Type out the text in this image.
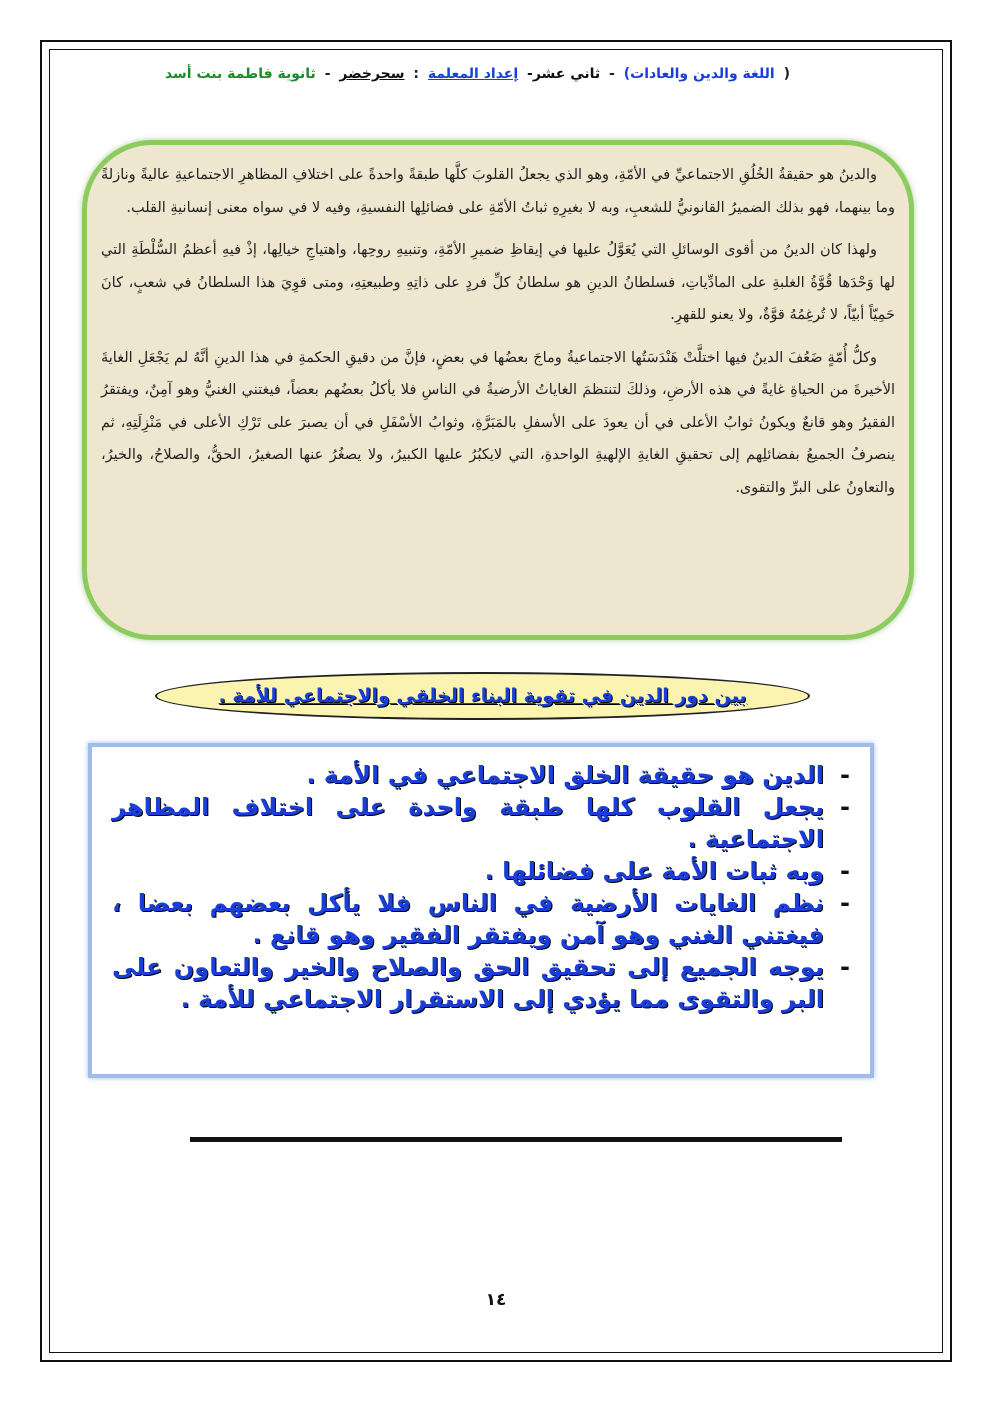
( اللغة والدين والعادات) - ثاني عشر- إعداد المعلمة : سحرخضر - ثانوية فاطمة بنت أسد

والدينُ هو حقيقةُ الخُلُقِ الاجتماعيِّ في الأمّةِ، وهو الذي يجعلُ القلوبَ كلَّها طبقةً واحدةً على اختلافِ المظاهرِ الاجتماعيةِ عاليةً ونازلةً وما بينهما، فهو بذلك الضميرُ القانونيُّ للشعبِ، وبه لا بغيرِهِ ثباتُ الأمّةِ على فضائلِها النفسيةِ، وفيه لا في سواه معنى إنسانيةِ القلب.

ولهذا كان الدينُ من أقوى الوسائلِ التي يُعَوَّلُ عليها في إيقاظِ ضميرِ الأمّةِ، وتنبيهِ روحِها، واهتياجِ خيالِها، إذْ فيهِ أعظمُ السُّلْطَةِ التي لها وَحْدَها قُوَّةُ الغلبةِ على المادِّياتِ، فسلطانُ الدينِ هو سلطانُ كلِّ فردٍ على ذاتِهِ وطبيعتِهِ، ومتى قوِيَ هذا السلطانُ في شعبٍ، كانَ حَمِيّاً أبيّاً، لا تُرغِمُهُ قوَّةٌ، ولا يعنو للقهرِ.

وكلُّ أُمّةٍ ضَعُفَ الدينُ فيها اختلَّتْ هَنْدَسَتُها الاجتماعيةُ وماجَ بعضُها في بعضٍ، فإنَّ من دقيقِ الحكمةِ في هذا الدينِ أنَّهُ لم يَجْعَلِ الغايةَ الأخيرةَ من الحياةِ غايةً في هذه الأرضِ، وذلكَ لتنتظمَ الغاياتُ الأرضيةُ في الناسِ فلا يأكلُ بعضُهم بعضاً، فيغتني الغنيُّ وهو آمِنٌ، ويفتقرُ الفقيرُ وهو قانعٌ ويكونُ ثوابُ الأعلى في أن يعودَ على الأسفلِ بالمَبَرَّةِ، وثوابُ الأسْفَلِ في أن يصبرَ على تَرْكِ الأعلى في مَنْزِلَتِهِ، ثم ينصرفُ الجميعُ بفضائلِهم إلى تحقيقِ الغايةِ الإلهيةِ الواحدةِ، التي لايكبُرُ عليها الكبيرُ، ولا يصغُرُ عنها الصغيرُ، الحقُّ، والصلاحُ، والخيرُ، والتعاونُ على البرِّ والتقوى.

بين دور الدين في تقوية البناء الخلقي والاجتماعي للأمة .
-
الدين هو حقيقة الخلق الاجتماعي في الأمة .
-
يجعل القلوب كلها طبقة واحدة على اختلاف المظاهر الاجتماعية .
-
وبه ثبات الأمة على فضائلها .
-
نظم الغايات الأرضية في الناس فلا يأكل بعضهم بعضا ، فيغتني الغني وهو آمن ويفتقر الفقير وهو قانع .
-
يوجه الجميع إلى تحقيق الحق والصلاح والخير والتعاون على البر والتقوى مما يؤدي إلى الاستقرار الاجتماعي للأمة .
١٤
